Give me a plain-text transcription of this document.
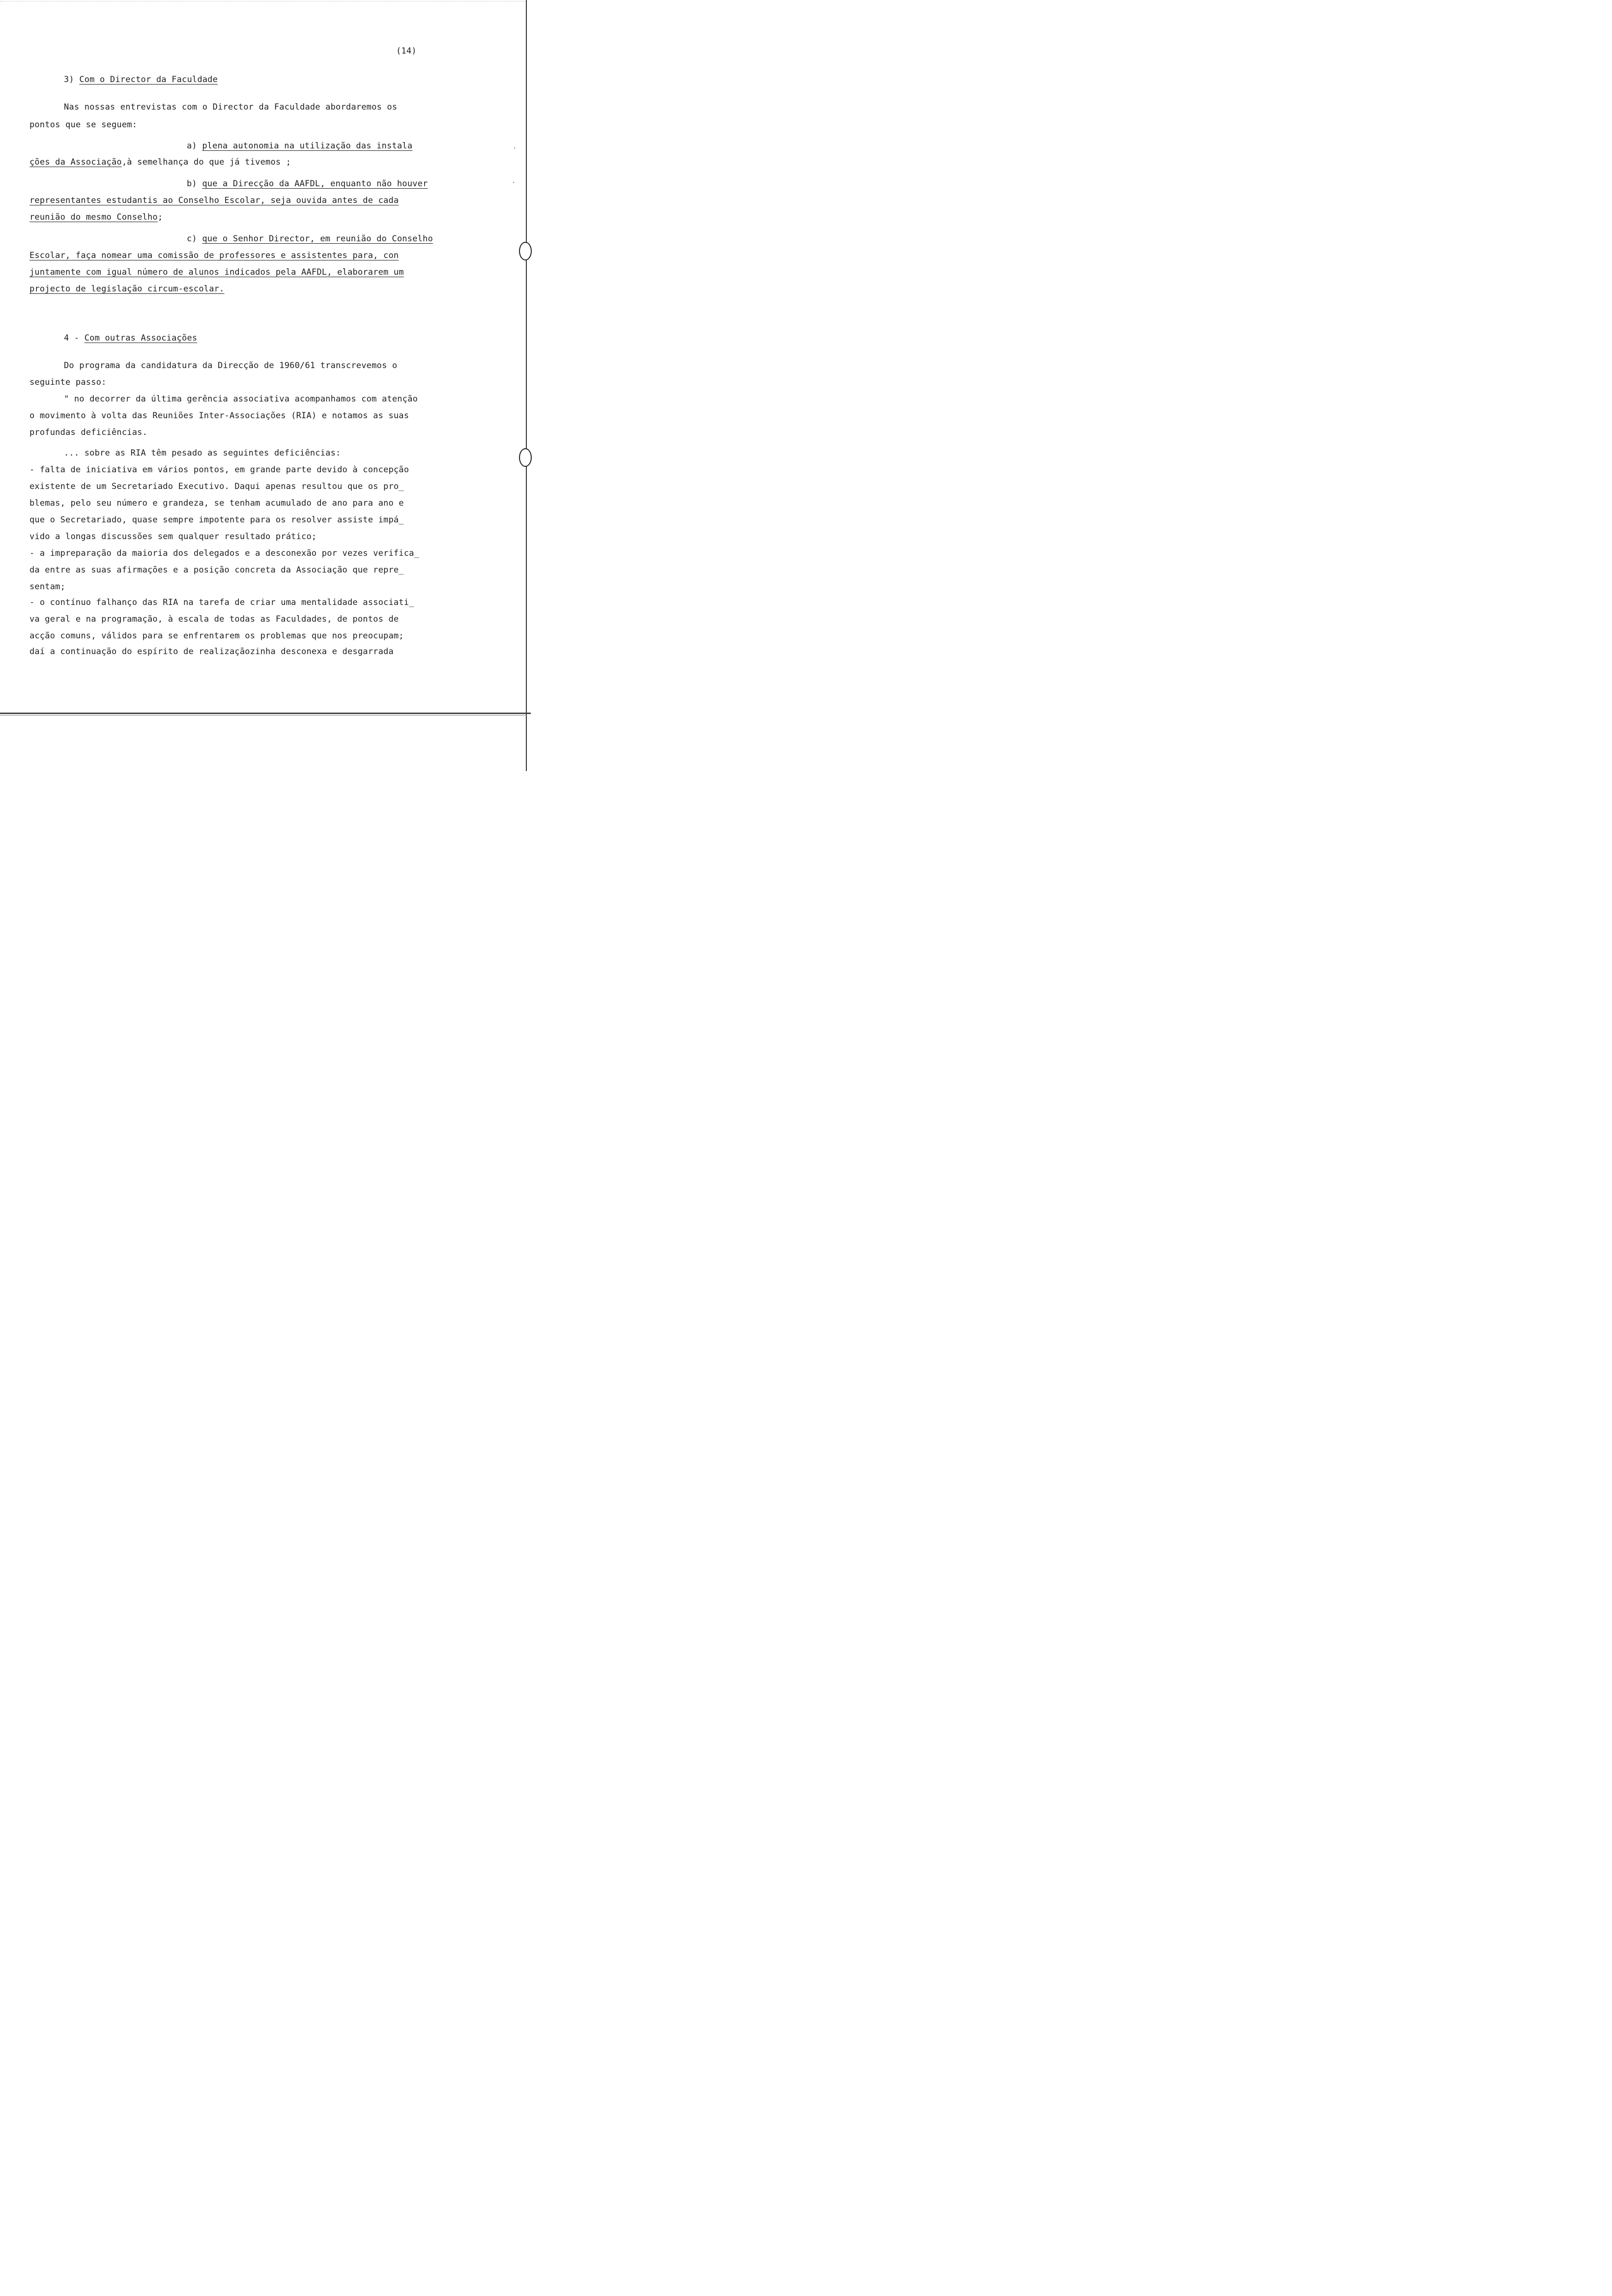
(14)
3) Com o Director da Faculdade
Nas nossas entrevistas com o Director da Faculdade abordaremos os
pontos que se seguem:
a) plena autonomia na utilização das instala
ções da Associação,à semelhança do que já tivemos ;
b) que a Direcção da AAFDL, enquanto não houver
representantes estudantis ao Conselho Escolar, seja ouvida antes de cada
reunião do mesmo Conselho;
c) que o Senhor Director, em reunião do Conselho
Escolar, faça nomear uma comissão de professores e assistentes para, con
juntamente com igual número de alunos indicados pela AAFDL, elaborarem um
projecto de legislação circum-escolar.
4 - Com outras Associações
Do programa da candidatura da Direcção de 1960/61 transcrevemos o
seguinte passo:
" no decorrer da última gerência associativa acompanhamos com atenção
o movimento à volta das Reuniões Inter-Associações (RIA) e notamos as suas
profundas deficiências.
... sobre as RIA têm pesado as seguintes deficiências:
- falta de iniciativa em vários pontos, em grande parte devido à concepção
existente de um Secretariado Executivo. Daqui apenas resultou que os pro_
blemas, pelo seu número e grandeza, se tenham acumulado de ano para ano e
que o Secretariado, quase sempre impotente para os resolver assiste impá_
vido a longas discussões sem qualquer resultado prático;
- a impreparação da maioria dos delegados e a desconexão por vezes verifica_
da entre as suas afirmações e a posição concreta da Associação que repre_
sentam;
- o contínuo falhanço das RIA na tarefa de criar uma mentalidade associati_
va geral e na programação, à escala de todas as Faculdades, de pontos de
acção comuns, válidos para se enfrentarem os problemas que nos preocupam;
daí a continuação do espírito de realizaçãozinha desconexa e desgarrada
